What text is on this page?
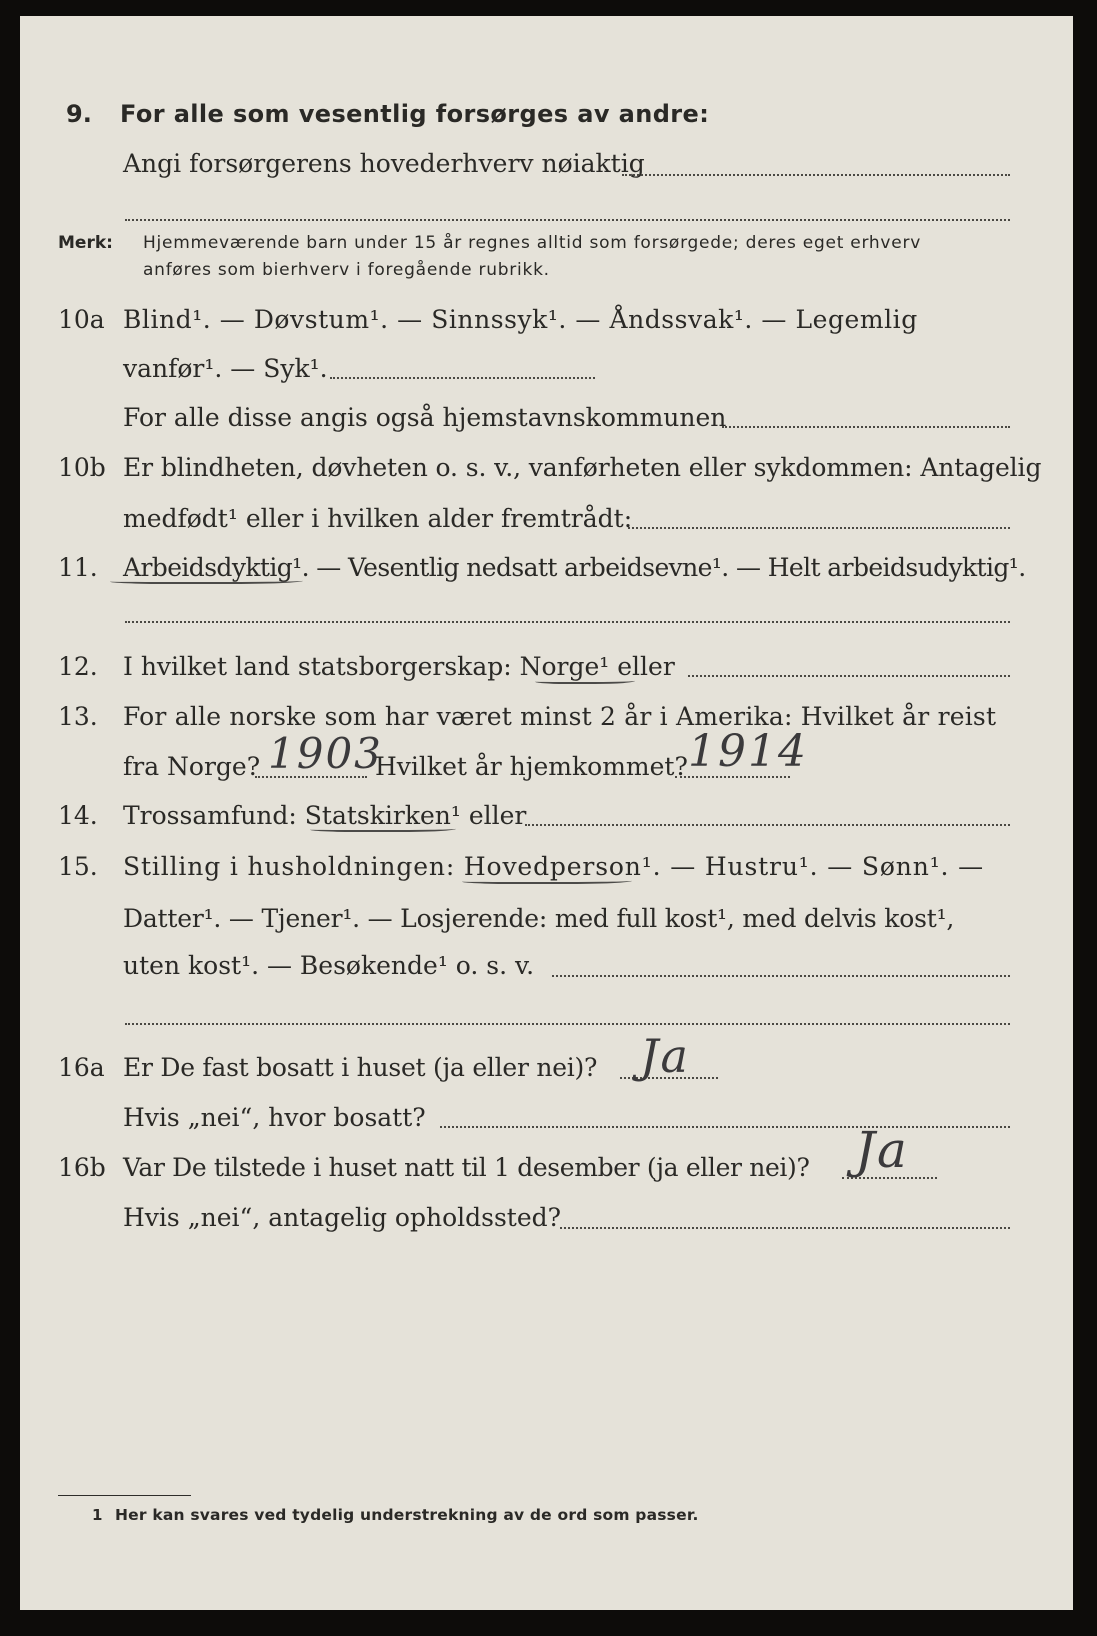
9. For alle som vesentlig forsørges av andre:
Angi forsørgerens hovederhverv nøiaktig
Merk: Hjemmeværende barn under 15 år regnes alltid som forsørgede; deres eget erhverv
anføres som bierhverv i foregående rubrikk.
10a Blind¹. — Døvstum¹. — Sinnssyk¹. — Åndssvak¹. — Legemlig
vanfør¹. — Syk¹.
For alle disse angis også hjemstavnskommunen
10b Er blindheten, døvheten o. s. v., vanførheten eller sykdommen: Antagelig
medfødt¹ eller i hvilken alder fremtrådt:
11. Arbeidsdyktig¹. — Vesentlig nedsatt arbeidsevne¹. — Helt arbeidsudyktig¹.
12. I hvilket land statsborgerskap: Norge¹ eller
13. For alle norske som har været minst 2 år i Amerika: Hvilket år reist
fra Norge? 1903
Hvilket år hjemkommet? 1914
14. Trossamfund: Statskirken¹ eller
15. Stilling i husholdningen: Hovedperson¹. — Hustru¹. — Sønn¹. —
Datter¹. — Tjener¹. — Losjerende: med full kost¹, med delvis kost¹,
uten kost¹. — Besøkende¹ o. s. v.
16a Er De fast bosatt i huset (ja eller nei)? Ja
Hvis „nei“, hvor bosatt?
16b Var De tilstede i huset natt til 1 desember (ja eller nei)? Ja
Hvis „nei“, antagelig opholdssted?
1 Her kan svares ved tydelig understrekning av de ord som passer.
